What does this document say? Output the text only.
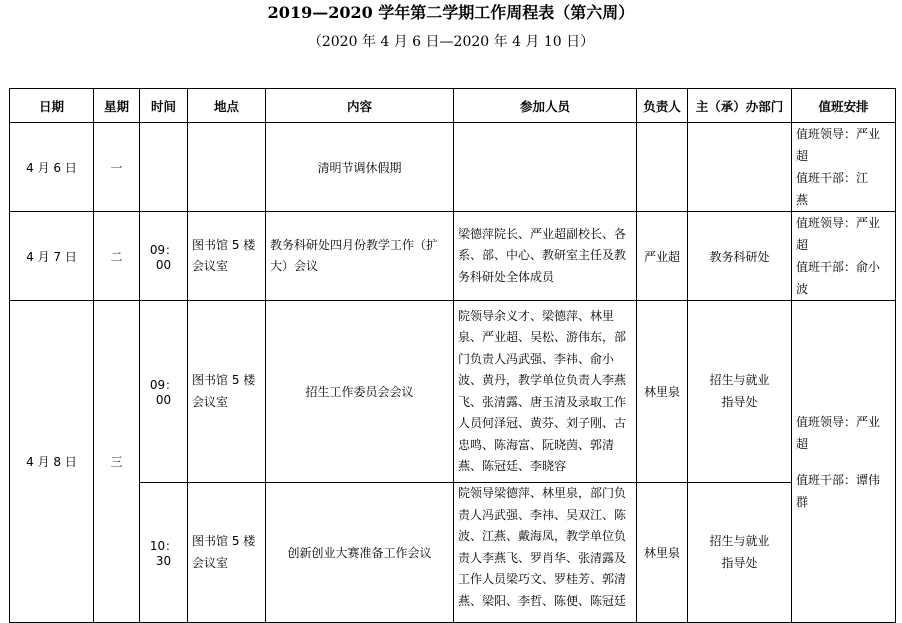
2019—2020 学年第二学期工作周程表（第六周）
（2020 年 4 月 6 日—2020 年 4 月 10 日）
日期	星期	时间	地点	内容	参加人员	负责人	主（承）办部门	值班安排
4 月 6 日	一			清明节调休假期				值班领导：严业超
值班干部：江　燕

4 月 7 日	二	09：00	图书馆 5 楼会议室	教务科研处四月份教学工作（扩大）会议	梁德萍院长、严业超副校长、各系、部、中心、教研室主任及教务科研处全体成员	严业超	教务科研处	值班领导：严业超
值班干部：俞小波

4 月 8 日	三	09：00	图书馆 5 楼会议室	招生工作委员会会议	院领导余义才、梁德萍、林里泉、严业超、吴松、游伟东，部门负责人冯武强、李祎、俞小波、黄丹，教学单位负责人李燕飞、张清露、唐玉清及录取工作人员何泽冠、黄芬、刘子刚、古忠鸣、陈海富、阮晓茵、郭清燕、陈冠廷、李晓容	林里泉	招生与就业指导处	值班领导：严业超
值班干部：谭伟群

		10：30	图书馆 5 楼会议室	创新创业大赛准备工作会议	院领导梁德萍、林里泉，部门负责人冯武强、李祎、吴双江、陈波、江燕、戴海凤，教学单位负责人李燕飞、罗肖华、张清露及工作人员梁巧文、罗桂芳、郭清燕、梁阳、李哲、陈便、陈冠廷	林里泉	招生与就业指导处	
